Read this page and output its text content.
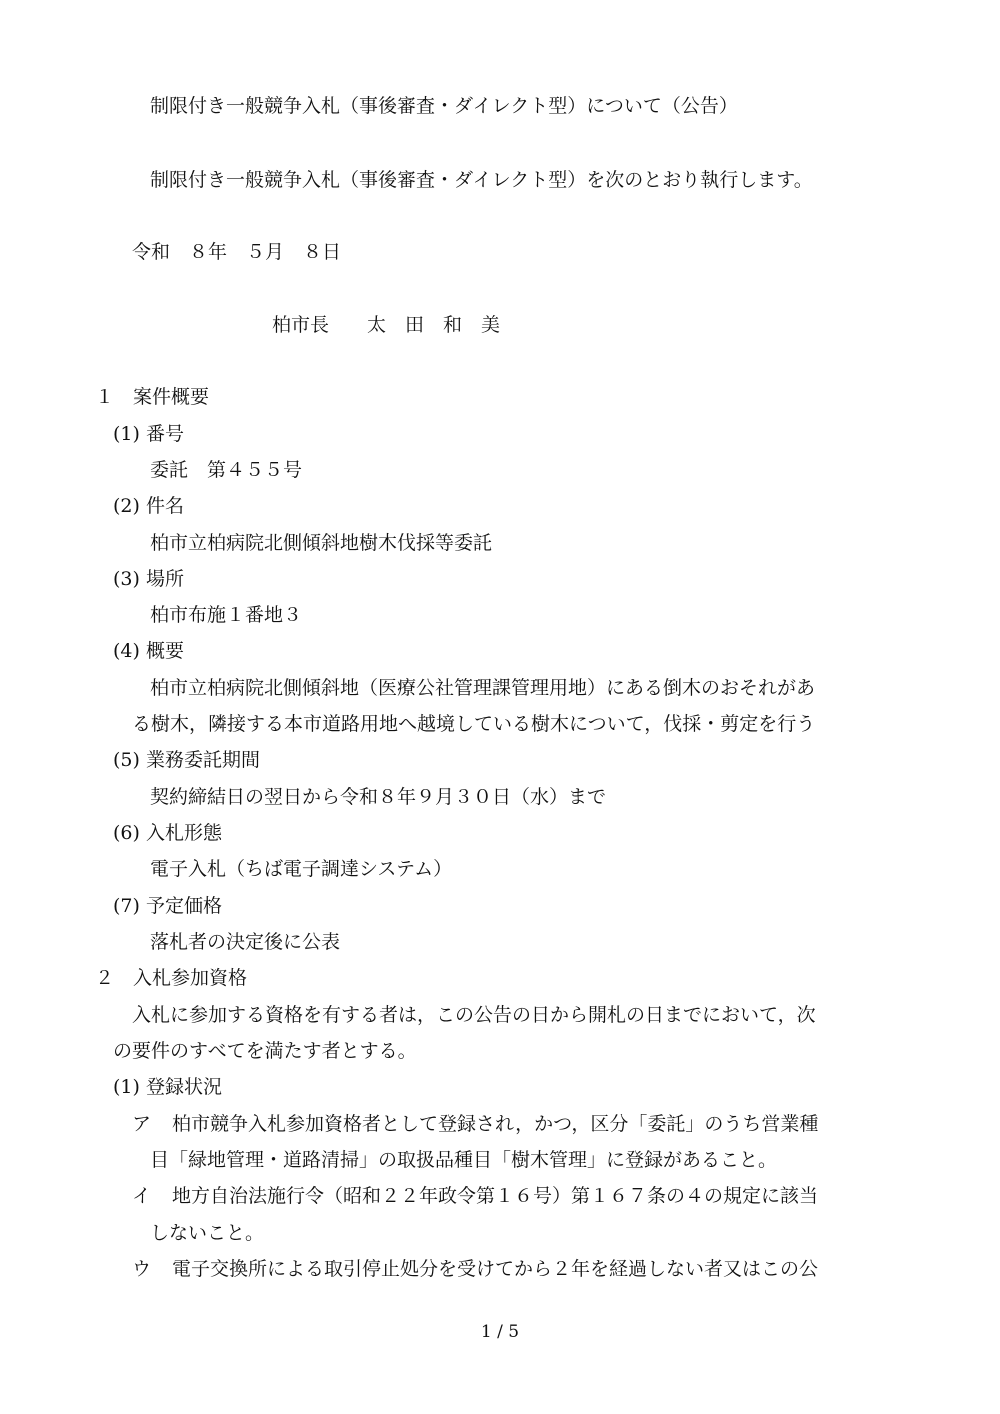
制限付き一般競争入札（事後審査・ダイレクト型）について（公告）
制限付き一般競争入札（事後審査・ダイレクト型）を次のとおり執行します。
令和　８年　５月　８日
柏市長　　太　田　和　美
１　案件概要
(1) 番号
委託　第４５５号
(2) 件名
柏市立柏病院北側傾斜地樹木伐採等委託
(3) 場所
柏市布施１番地３
(4) 概要
柏市立柏病院北側傾斜地（医療公社管理課管理用地）にある倒木のおそれがあ
る樹木，隣接する本市道路用地へ越境している樹木について，伐採・剪定を行う
(5) 業務委託期間
契約締結日の翌日から令和８年９月３０日（水）まで
(6) 入札形態
電子入札（ちば電子調達システム）
(7) 予定価格
落札者の決定後に公表
２　入札参加資格
入札に参加する資格を有する者は，この公告の日から開札の日までにおいて，次
の要件のすべてを満たす者とする。
(1) 登録状況
ア 柏市競争入札参加資格者として登録され，かつ，区分「委託」のうち営業種
目「緑地管理・道路清掃」の取扱品種目「樹木管理」に登録があること。
イ 地方自治法施行令（昭和２２年政令第１６号）第１６７条の４の規定に該当
しないこと。
ウ 電子交換所による取引停止処分を受けてから２年を経過しない者又はこの公
1 / 5
